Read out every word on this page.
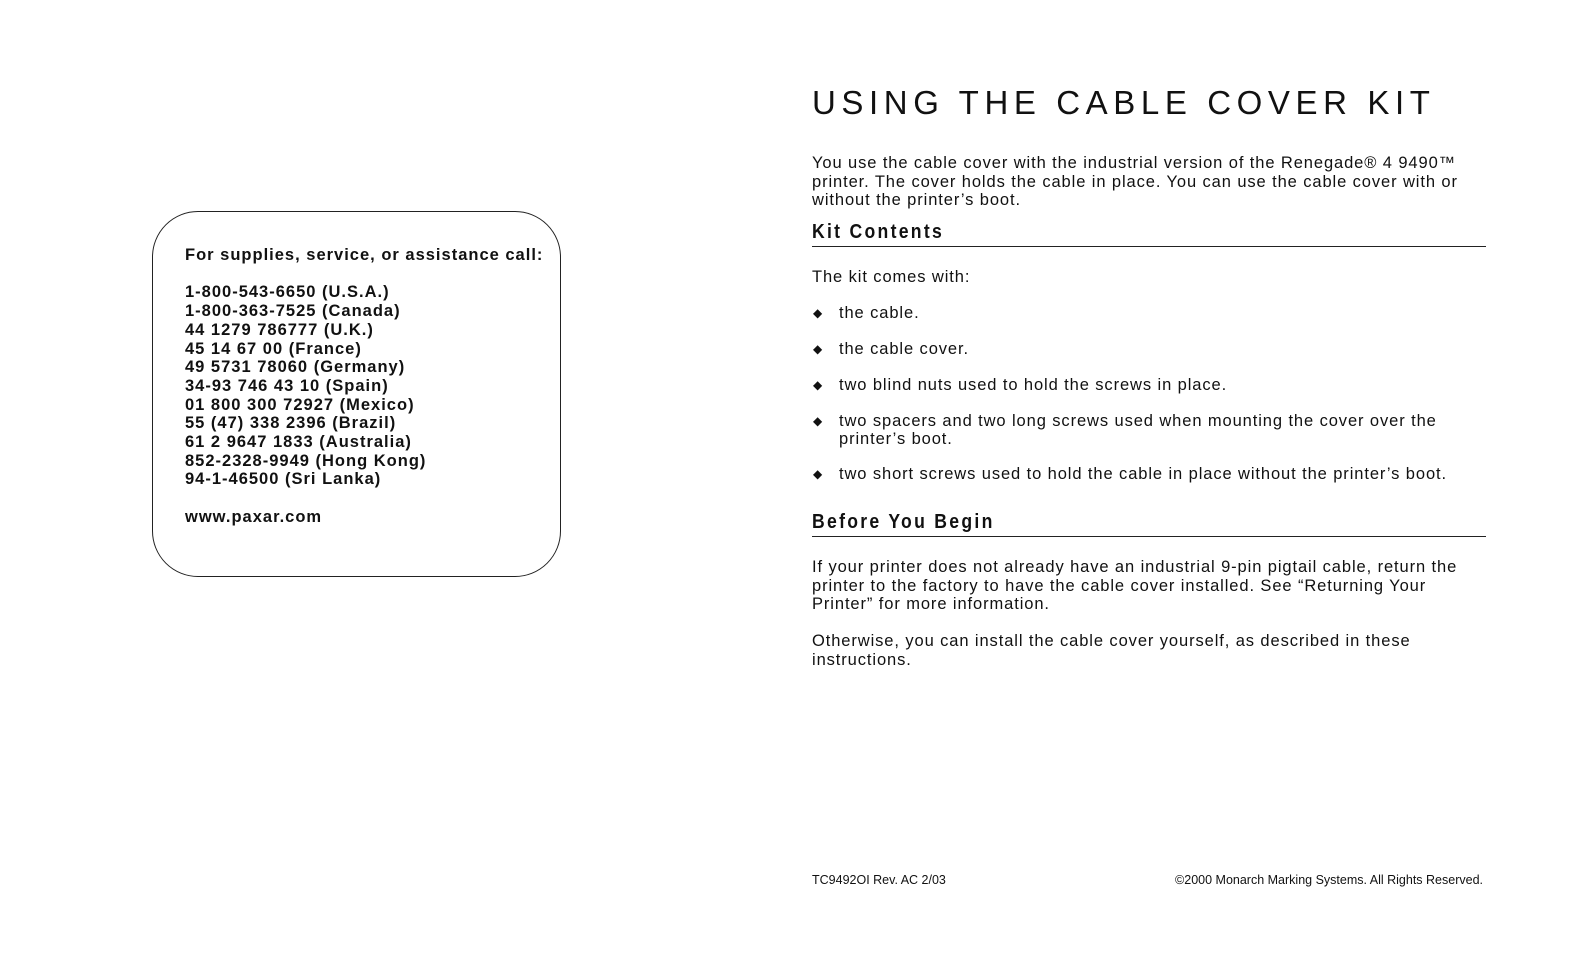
For supplies, service, or assistance call:
1-800-543-6650 (U.S.A.)
1-800-363-7525 (Canada)
44 1279 786777 (U.K.)
45 14 67 00 (France)
49 5731 78060 (Germany)
34-93 746 43 10 (Spain)
01 800 300 72927 (Mexico)
55 (47) 338 2396 (Brazil)
61 2 9647 1833 (Australia)
852-2328-9949 (Hong Kong)
94-1-46500 (Sri Lanka)
www.paxar.com
USING THE CABLE COVER KIT
You use the cable cover with the industrial version of the Renegade® 4 9490™ printer. The cover holds the cable in place. You can use the cable cover with or without the printer’s boot.
Kit Contents
The kit comes with:
◆ the cable.
◆ the cable cover.
◆ two blind nuts used to hold the screws in place.
◆ two spacers and two long screws used when mounting the cover over the printer’s boot.
◆ two short screws used to hold the cable in place without the printer’s boot.
Before You Begin
If your printer does not already have an industrial 9-pin pigtail cable, return the printer to the factory to have the cable cover installed. See “Returning Your Printer” for more information.
Otherwise, you can install the cable cover yourself, as described in these instructions.
TC9492OI Rev. AC 2/03	©2000 Monarch Marking Systems. All Rights Reserved.
